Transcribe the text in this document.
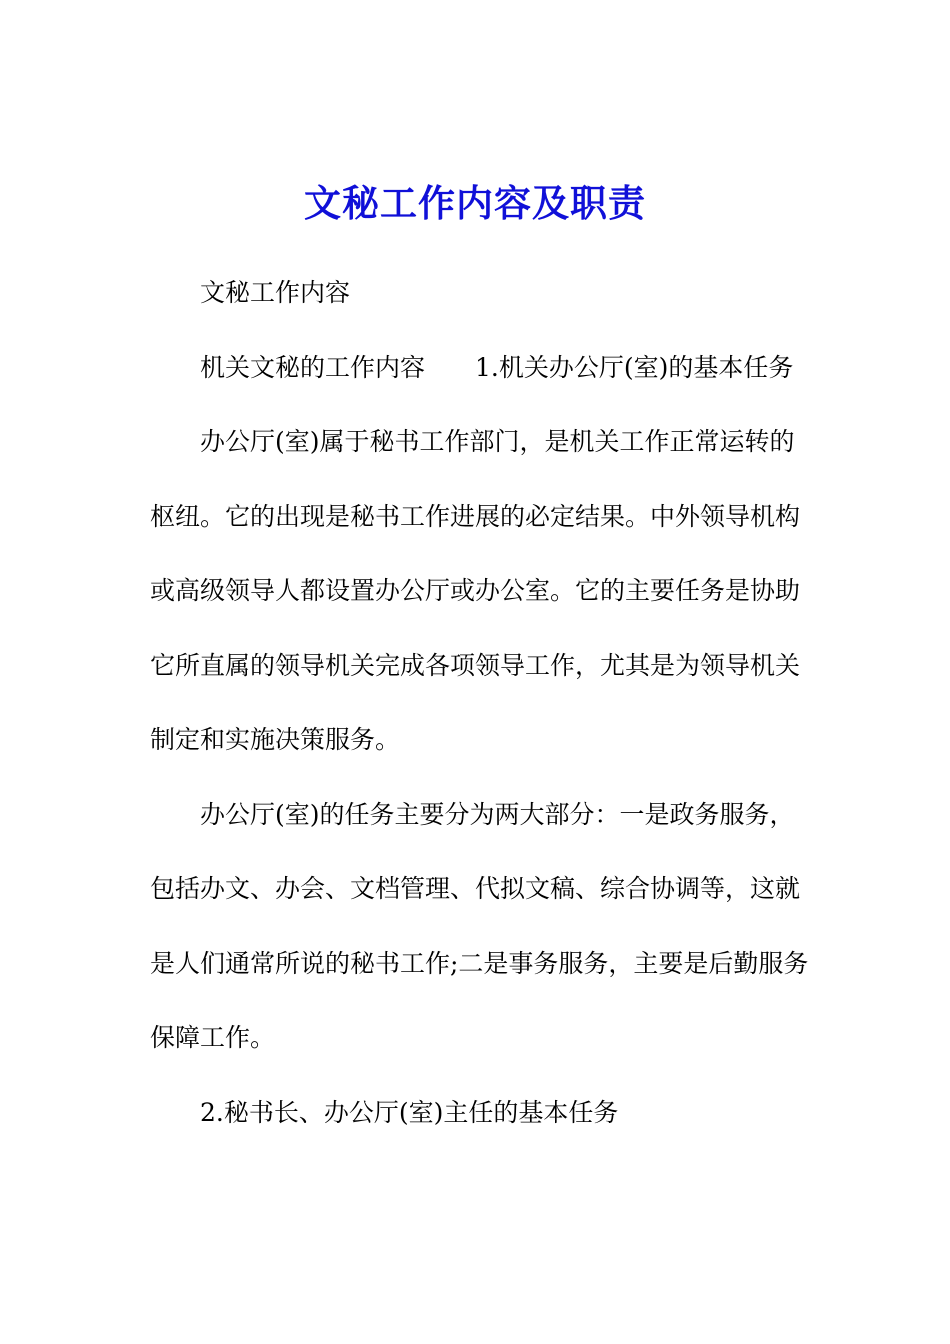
文秘工作内容及职责

文秘工作内容

机关文秘的工作内容 1.机关办公厅(室)的基本任务

办公厅(室)属于秘书工作部门，是机关工作正常运转的枢纽。它的出现是秘书工作进展的必定结果。中外领导机构或高级领导人都设置办公厅或办公室。它的主要任务是协助它所直属的领导机关完成各项领导工作，尤其是为领导机关制定和实施决策服务。

办公厅(室)的任务主要分为两大部分：一是政务服务，包括办文、办会、文档管理、代拟文稿、综合协调等，这就是人们通常所说的秘书工作;二是事务服务，主要是后勤服务保障工作。

2.秘书长、办公厅(室)主任的基本任务
